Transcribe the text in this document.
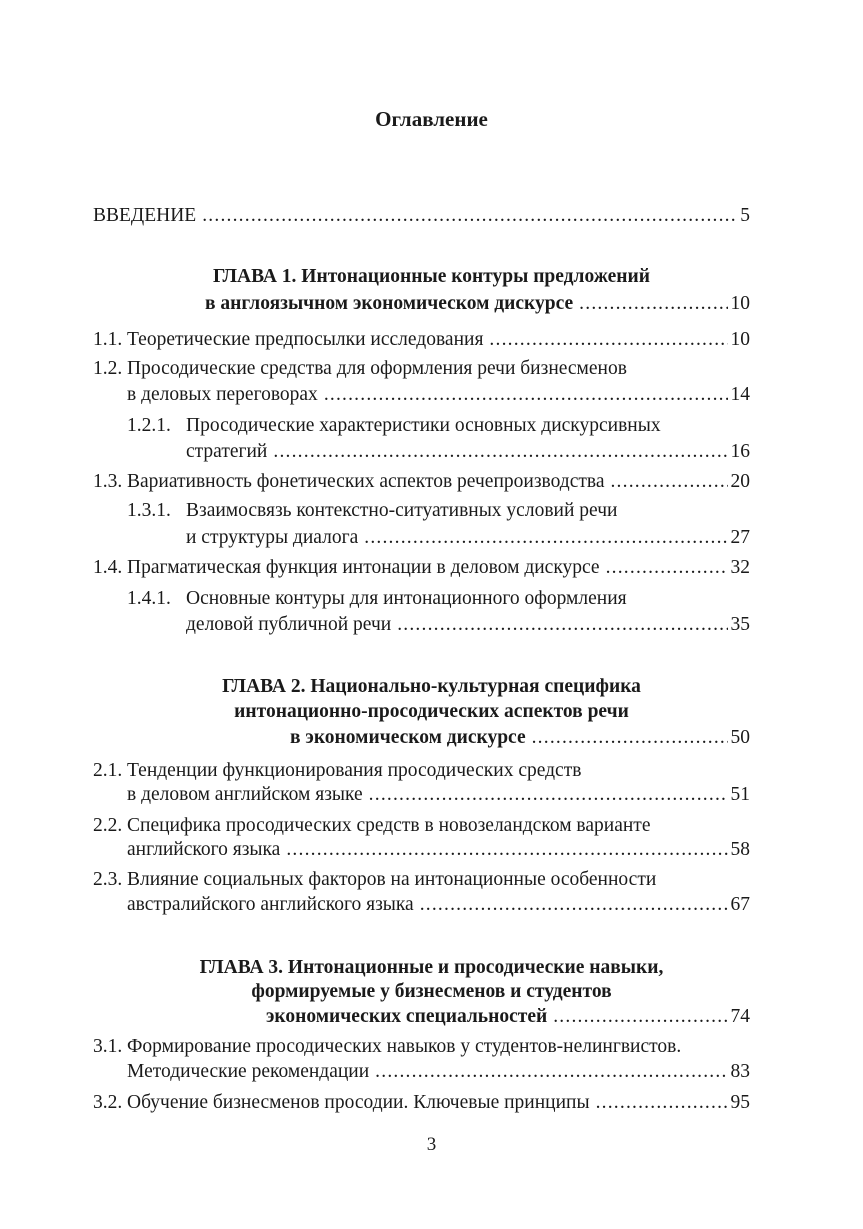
Оглавление
ВВЕДЕНИЕ .....	5
ГЛАВА 1. Интонационные контуры предложений
в англоязычном экономическом дискурсе .....	10
1.1. Теоретические предпосылки исследования .....	10
1.2. Просодические средства для оформления речи бизнесменов
в деловых переговорах .....	14
1.2.1. Просодические характеристики основных дискурсивных
стратегий .....	16
1.3. Вариативность фонетических аспектов речепроизводства .....	20
1.3.1. Взаимосвязь контекстно-ситуативных условий речи
и структуры диалога .....	27
1.4. Прагматическая функция интонации в деловом дискурсе .....	32
1.4.1. Основные контуры для интонационного оформления
деловой публичной речи .....	35
ГЛАВА 2. Национально-культурная специфика
интонационно-просодических аспектов речи
в экономическом дискурсе .....	50
2.1. Тенденции функционирования просодических средств
в деловом английском языке .....	51
2.2. Специфика просодических средств в новозеландском варианте
английского языка .....	58
2.3. Влияние социальных факторов на интонационные особенности
австралийского английского языка .....	67
ГЛАВА 3. Интонационные и просодические навыки,
формируемые у бизнесменов и студентов
экономических специальностей .....	74
3.1. Формирование просодических навыков у студентов-нелингвистов.
Методические рекомендации .....	83
3.2. Обучение бизнесменов просодии. Ключевые принципы .....	95
3
